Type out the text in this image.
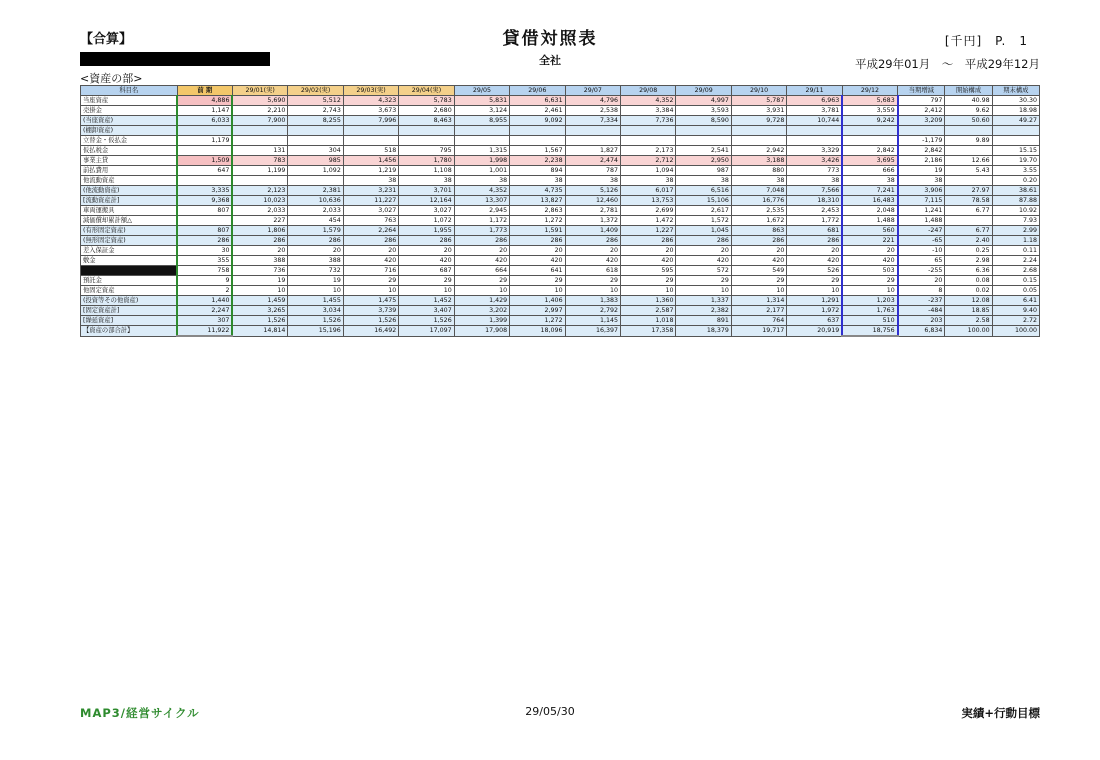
【合算】	貸借対照表
全社
[千円]　P.　1
平成29年01月　～　平成29年12月
<資産の部>
科目名	前 期	29/01(実)	29/02(実)	29/03(実)	29/04(実)	29/05	29/06	29/07	29/08	29/09	29/10	29/11	29/12	当期増減	開始構成	期末構成
当座資産	4,886	5,690	5,512	4,323	5,783	5,831	6,631	4,796	4,352	4,997	5,787	6,963	5,683	797	40.98	30.30
売掛金	1,147	2,210	2,743	3,673	2,680	3,124	2,461	2,538	3,384	3,593	3,931	3,781	3,559	2,412	9.62	18.98
(当座資産)	6,033	7,900	8,255	7,996	8,463	8,955	9,092	7,334	7,736	8,590	9,728	10,744	9,242	3,209	50.60	49.27
(棚卸資産)																
立替金・仮払金	1,179													-1,179	9.89	
仮払税金		131	304	518	795	1,315	1,567	1,827	2,173	2,541	2,942	3,329	2,842	2,842		15.15
事業主貸	1,509	783	985	1,456	1,780	1,998	2,238	2,474	2,712	2,950	3,188	3,426	3,695	2,186	12.66	19.70
前払費用	647	1,199	1,092	1,219	1,108	1,001	894	787	1,094	987	880	773	666	19	5.43	3.55
他流動資産				38	38	38	38	38	38	38	38	38	38	38		0.20
(他流動資産)	3,335	2,123	2,381	3,231	3,701	4,352	4,735	5,126	6,017	6,516	7,048	7,566	7,241	3,906	27.97	38.61
[流動資産計]	9,368	10,023	10,636	11,227	12,164	13,307	13,827	12,460	13,753	15,106	16,776	18,310	16,483	7,115	78.58	87.88
車両運搬具	807	2,033	2,033	3,027	3,027	2,945	2,863	2,781	2,699	2,617	2,535	2,453	2,048	1,241	6.77	10.92
減価償却累計額△		227	454	763	1,072	1,172	1,272	1,372	1,472	1,572	1,672	1,772	1,488	1,488		7.93
(有形固定資産)	807	1,806	1,579	2,264	1,955	1,773	1,591	1,409	1,227	1,045	863	681	560	-247	6.77	2.99
(無形固定資産)	286	286	286	286	286	286	286	286	286	286	286	286	221	-65	2.40	1.18
差入保証金	30	20	20	20	20	20	20	20	20	20	20	20	20	-10	0.25	0.11
敷金	355	388	388	420	420	420	420	420	420	420	420	420	420	65	2.98	2.24
	758	736	732	716	687	664	641	618	595	572	549	526	503	-255	6.36	2.68
預託金	9	19	19	29	29	29	29	29	29	29	29	29	29	20	0.08	0.15
他固定資産	2	10	10	10	10	10	10	10	10	10	10	10	10	8	0.02	0.05
(投資等その他資産)	1,440	1,459	1,455	1,475	1,452	1,429	1,406	1,383	1,360	1,337	1,314	1,291	1,203	-237	12.08	6.41
[固定資産計]	2,247	3,265	3,034	3,739	3,407	3,202	2,997	2,792	2,587	2,382	2,177	1,972	1,763	-484	18.85	9.40
[繰延資産]	307	1,526	1,526	1,526	1,526	1,399	1,272	1,145	1,018	891	764	637	510	203	2.58	2.72
【資産の部合計】	11,922	14,814	15,196	16,492	17,097	17,908	18,096	16,397	17,358	18,379	19,717	20,919	18,756	6,834	100.00	100.00
MAP3/経営サイクル	29/05/30	実績+行動目標
